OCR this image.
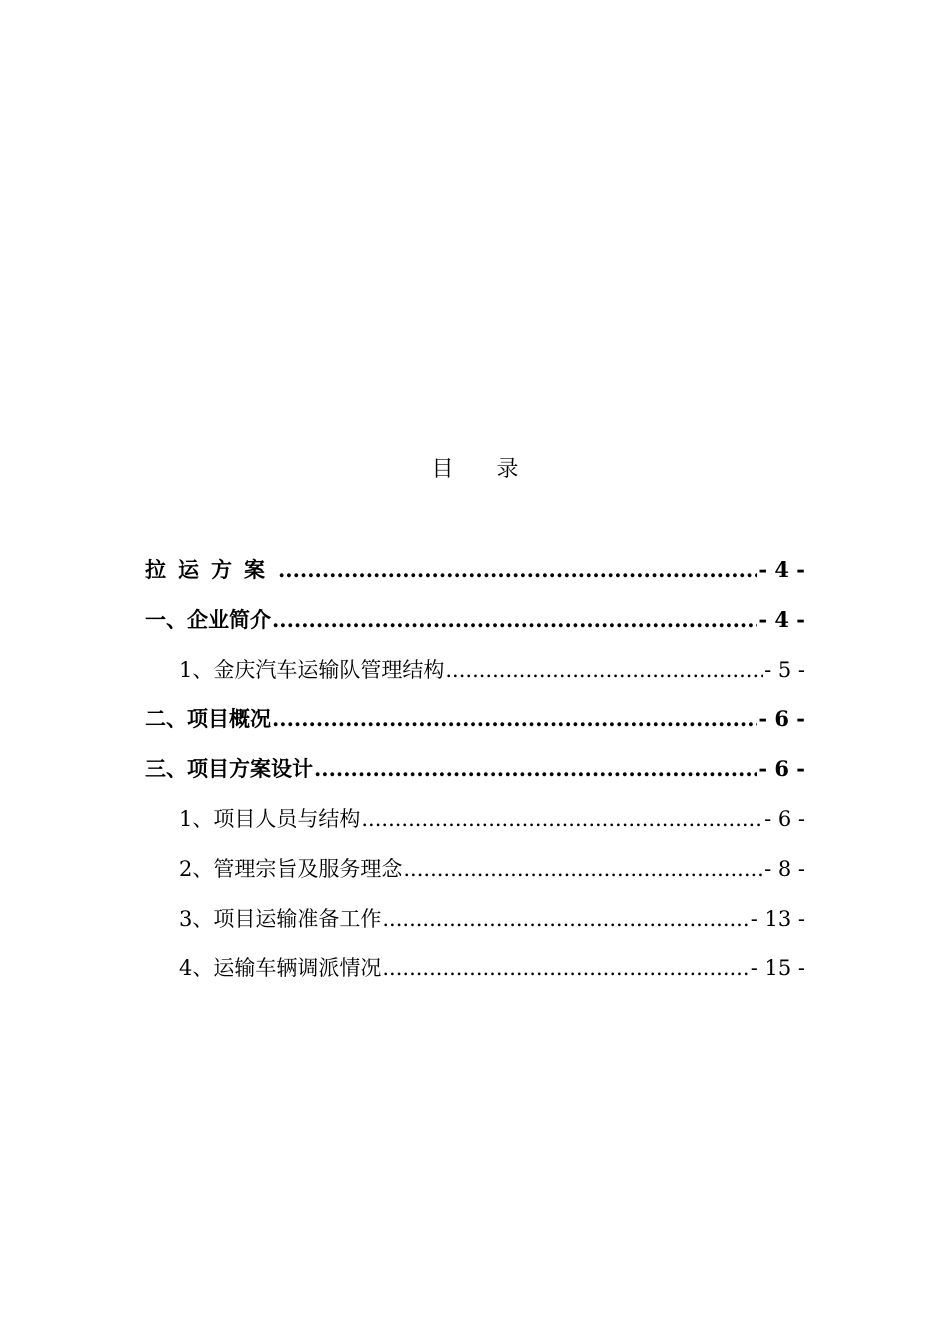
目 录
拉运方案 .....	- 4 -
一、企业简介 .....	- 4 -
1、金庆汽车运输队管理结构 .....	- 5 -
二、项目概况 .....	- 6 -
三、项目方案设计 .....	- 6 -
1、项目人员与结构 .....	- 6 -
2、管理宗旨及服务理念 .....	- 8 -
3、项目运输准备工作 .....	- 13 -
4、运输车辆调派情况 .....	- 15 -
